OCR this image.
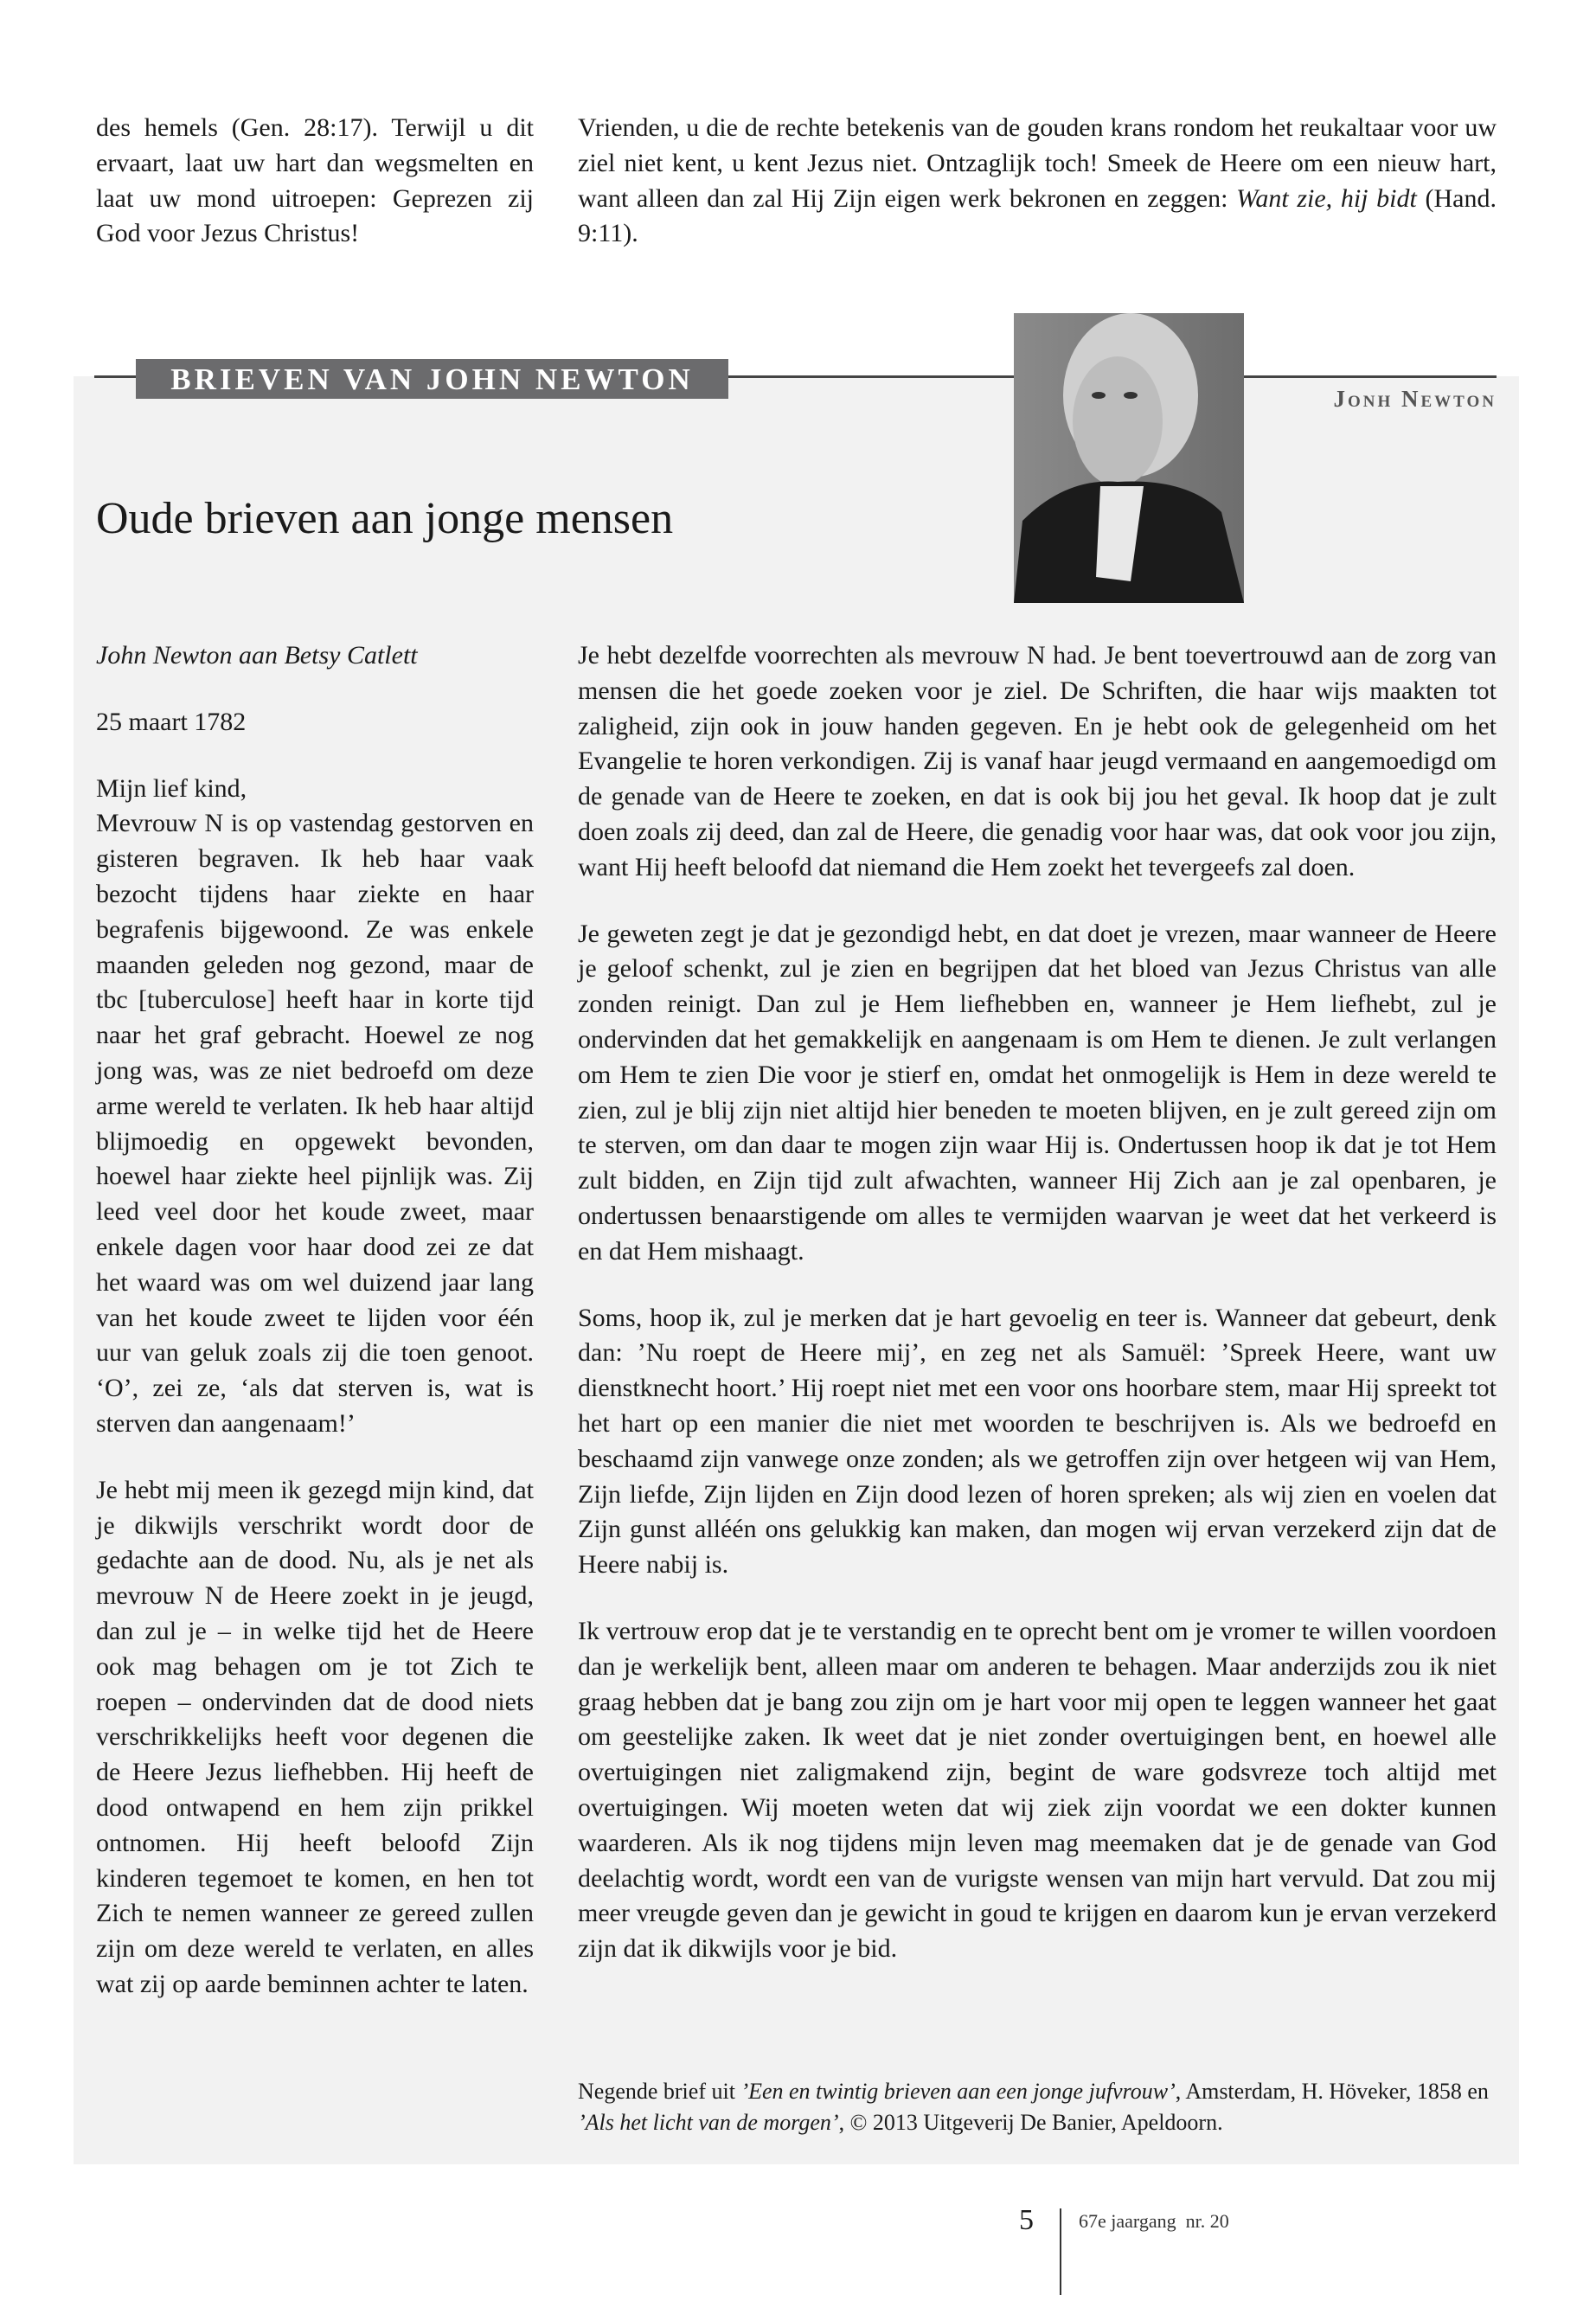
des hemels (Gen. 28:17). Terwijl u dit ervaart, laat uw hart dan wegsmelten en laat uw mond uitroepen: Geprezen zij God voor Jezus Christus!

Vrienden, u die de rechte betekenis van de gouden krans rondom het reukaltaar voor uw ziel niet kent, u kent Jezus niet. Ontzaglijk toch! Smeek de Heere om een nieuw hart, want alleen dan zal Hij Zijn eigen werk bekronen en zeggen: Want zie, hij bidt (Hand. 9:11).

BRIEVEN VAN JOHN NEWTON
Jonh Newton
Oude brieven aan jonge mensen

John Newton aan Betsy Catlett

25 maart 1782

Mijn lief kind,

Mevrouw N is op vastendag gestorven en gisteren begraven. Ik heb haar vaak bezocht tijdens haar ziekte en haar begrafenis bijgewoond. Ze was enkele maanden geleden nog gezond, maar de tbc [tuberculose] heeft haar in korte tijd naar het graf gebracht. Hoewel ze nog jong was, was ze niet bedroefd om deze arme wereld te verlaten. Ik heb haar altijd blijmoedig en opgewekt bevonden, hoewel haar ziekte heel pijnlijk was. Zij leed veel door het koude zweet, maar enkele dagen voor haar dood zei ze dat het waard was om wel duizend jaar lang van het koude zweet te lijden voor één uur van geluk zoals zij die toen genoot. ‘O’, zei ze, ‘als dat sterven is, wat is sterven dan aangenaam!’

Je hebt mij meen ik gezegd mijn kind, dat je dikwijls verschrikt wordt door de gedachte aan de dood. Nu, als je net als mevrouw N de Heere zoekt in je jeugd, dan zul je – in welke tijd het de Heere ook mag behagen om je tot Zich te roepen – ondervinden dat de dood niets verschrikkelijks heeft voor degenen die de Heere Jezus liefhebben. Hij heeft de dood ontwapend en hem zijn prikkel ontnomen. Hij heeft beloofd Zijn kinderen tegemoet te komen, en hen tot Zich te nemen wanneer ze gereed zullen zijn om deze wereld te verlaten, en alles wat zij op aarde beminnen achter te laten.

Je hebt dezelfde voorrechten als mevrouw N had. Je bent toevertrouwd aan de zorg van mensen die het goede zoeken voor je ziel. De Schriften, die haar wijs maakten tot zaligheid, zijn ook in jouw handen gegeven. En je hebt ook de gelegenheid om het Evangelie te horen verkondigen. Zij is vanaf haar jeugd vermaand en aangemoedigd om de genade van de Heere te zoeken, en dat is ook bij jou het geval. Ik hoop dat je zult doen zoals zij deed, dan zal de Heere, die genadig voor haar was, dat ook voor jou zijn, want Hij heeft beloofd dat niemand die Hem zoekt het tevergeefs zal doen.

Je geweten zegt je dat je gezondigd hebt, en dat doet je vrezen, maar wanneer de Heere je geloof schenkt, zul je zien en begrijpen dat het bloed van Jezus Christus van alle zonden reinigt. Dan zul je Hem liefhebben en, wanneer je Hem liefhebt, zul je ondervinden dat het gemakkelijk en aangenaam is om Hem te dienen. Je zult verlangen om Hem te zien Die voor je stierf en, omdat het onmogelijk is Hem in deze wereld te zien, zul je blij zijn niet altijd hier beneden te moeten blijven, en je zult gereed zijn om te sterven, om dan daar te mogen zijn waar Hij is. Ondertussen hoop ik dat je tot Hem zult bidden, en Zijn tijd zult afwachten, wanneer Hij Zich aan je zal openbaren, je ondertussen benaarstigende om alles te vermijden waarvan je weet dat het verkeerd is en dat Hem mishaagt.

Soms, hoop ik, zul je merken dat je hart gevoelig en teer is. Wanneer dat gebeurt, denk dan: ’Nu roept de Heere mij’, en zeg net als Samuël: ’Spreek Heere, want uw dienstknecht hoort.’ Hij roept niet met een voor ons hoorbare stem, maar Hij spreekt tot het hart op een manier die niet met woorden te beschrijven is. Als we bedroefd en beschaamd zijn vanwege onze zonden; als we getroffen zijn over hetgeen wij van Hem, Zijn liefde, Zijn lijden en Zijn dood lezen of horen spreken; als wij zien en voelen dat Zijn gunst alléén ons gelukkig kan maken, dan mogen wij ervan verzekerd zijn dat de Heere nabij is.

Ik vertrouw erop dat je te verstandig en te oprecht bent om je vromer te willen voordoen dan je werkelijk bent, alleen maar om anderen te behagen. Maar anderzijds zou ik niet graag hebben dat je bang zou zijn om je hart voor mij open te leggen wanneer het gaat om geestelijke zaken. Ik weet dat je niet zonder overtuigingen bent, en hoewel alle overtuigingen niet zaligmakend zijn, begint de ware godsvreze toch altijd met overtuigingen. Wij moeten weten dat wij ziek zijn voordat we een dokter kunnen waarderen. Als ik nog tijdens mijn leven mag meemaken dat je de genade van God deelachtig wordt, wordt een van de vurigste wensen van mijn hart vervuld. Dat zou mij meer vreugde geven dan je gewicht in goud te krijgen en daarom kun je ervan verzekerd zijn dat ik dikwijls voor je bid.

Negende brief uit ’Een en twintig brieven aan een jonge jufvrouw’, Amsterdam, H. Höveker, 1858 en ’Als het licht van de morgen’, © 2013 Uitgeverij De Banier, Apeldoorn.
5 67e jaargang  nr. 20
